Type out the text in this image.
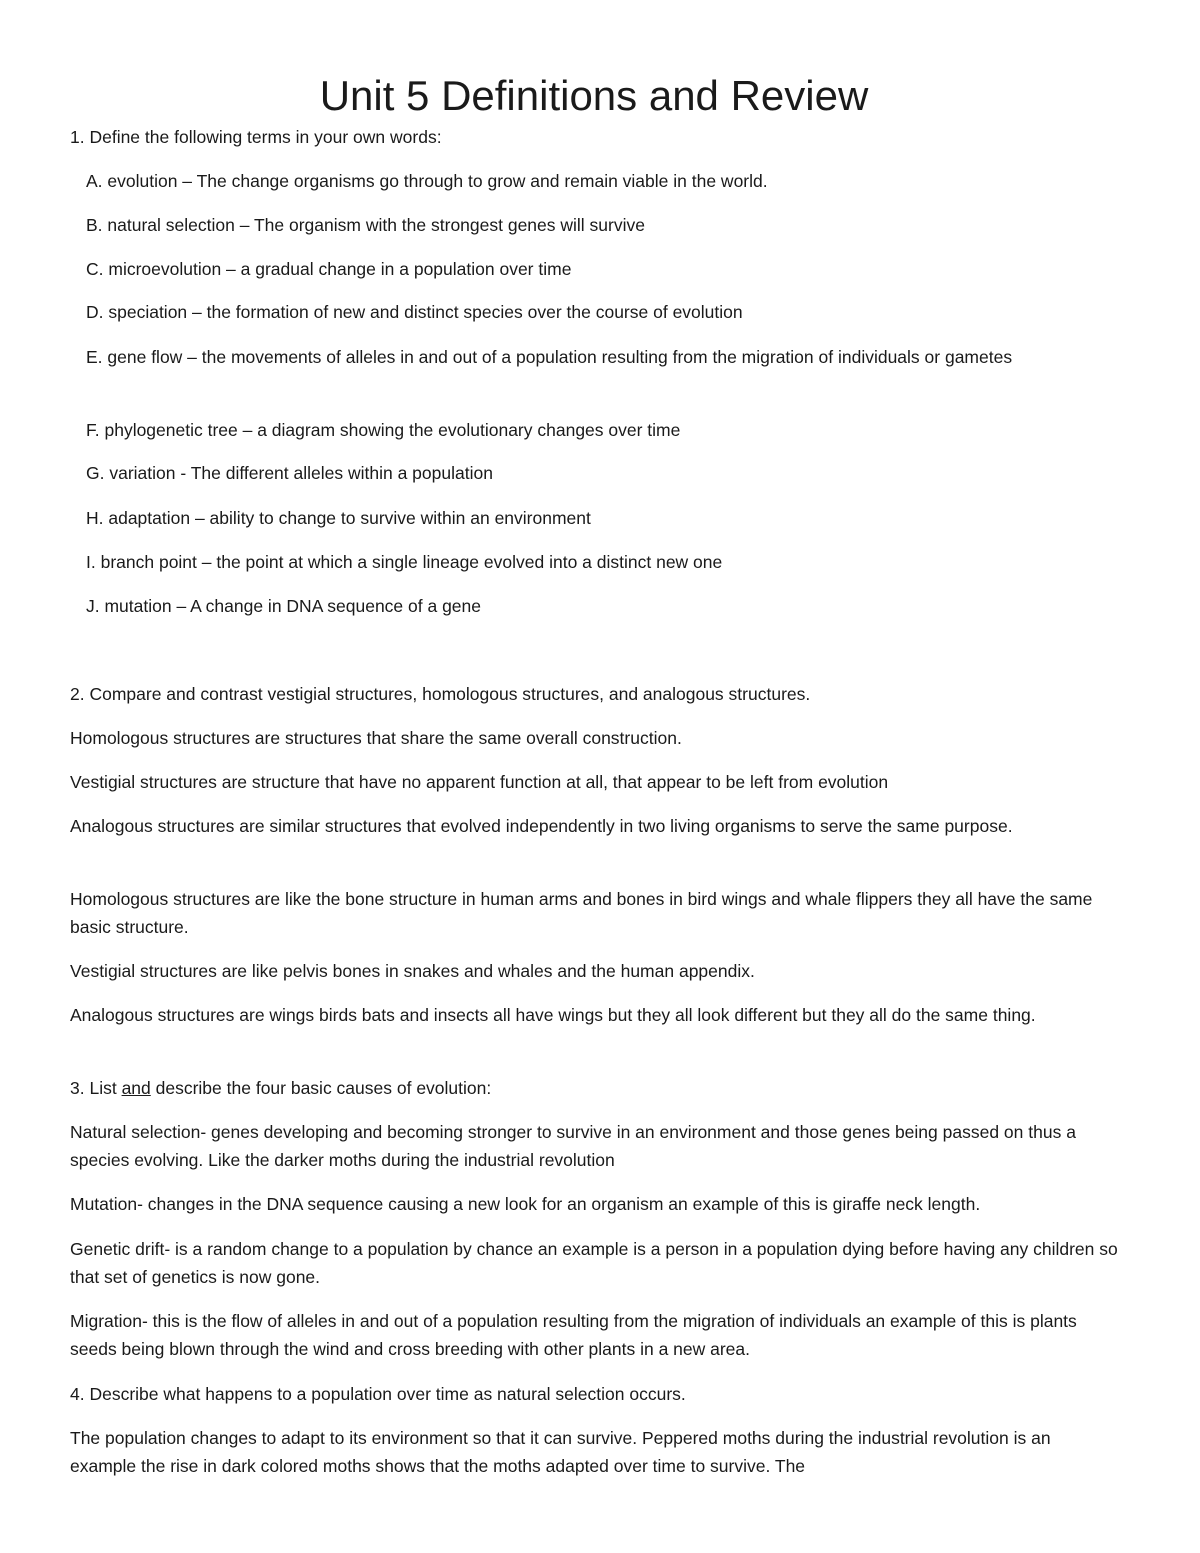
Unit 5 Definitions and Review

1. Define the following terms in your own words:

A. evolution – The change organisms go through to grow and remain viable in the world.

B. natural selection – The organism with the strongest genes will survive

C. microevolution – a gradual change in a population over time

D. speciation – the formation of new and distinct species over the course of evolution

E. gene flow – the movements of alleles in and out of a population resulting from the migration of individuals or gametes

F. phylogenetic tree – a diagram showing the evolutionary changes over time

G. variation - The different alleles within a population

H. adaptation – ability to change to survive within an environment

I. branch point – the point at which a single lineage evolved into a distinct new one

J. mutation – A change in DNA sequence of a gene

2. Compare and contrast vestigial structures, homologous structures, and analogous structures.

Homologous structures are structures that share the same overall construction.

Vestigial structures are structure that have no apparent function at all, that appear to be left from evolution

Analogous structures are similar structures that evolved independently in two living organisms to serve the same purpose.

Homologous structures are like the bone structure in human arms and bones in bird wings and whale flippers they all have the same basic structure.

Vestigial structures are like pelvis bones in snakes and whales and the human appendix.

Analogous structures are wings birds bats and insects all have wings but they all look different but they all do the same thing.

3. List and describe the four basic causes of evolution:

Natural selection- genes developing and becoming stronger to survive in an environment and those genes being passed on thus a species evolving. Like the darker moths during the industrial revolution

Mutation- changes in the DNA sequence causing a new look for an organism an example of this is giraffe neck length.

Genetic drift- is a random change to a population by chance an example is a person in a population dying before having any children so that set of genetics is now gone.

Migration- this is the flow of alleles in and out of a population resulting from the migration of individuals an example of this is plants seeds being blown through the wind and cross breeding with other plants in a new area.

4. Describe what happens to a population over time as natural selection occurs.

The population changes to adapt to its environment so that it can survive. Peppered moths during the industrial revolution is an example the rise in dark colored moths shows that the moths adapted over time to survive. The
